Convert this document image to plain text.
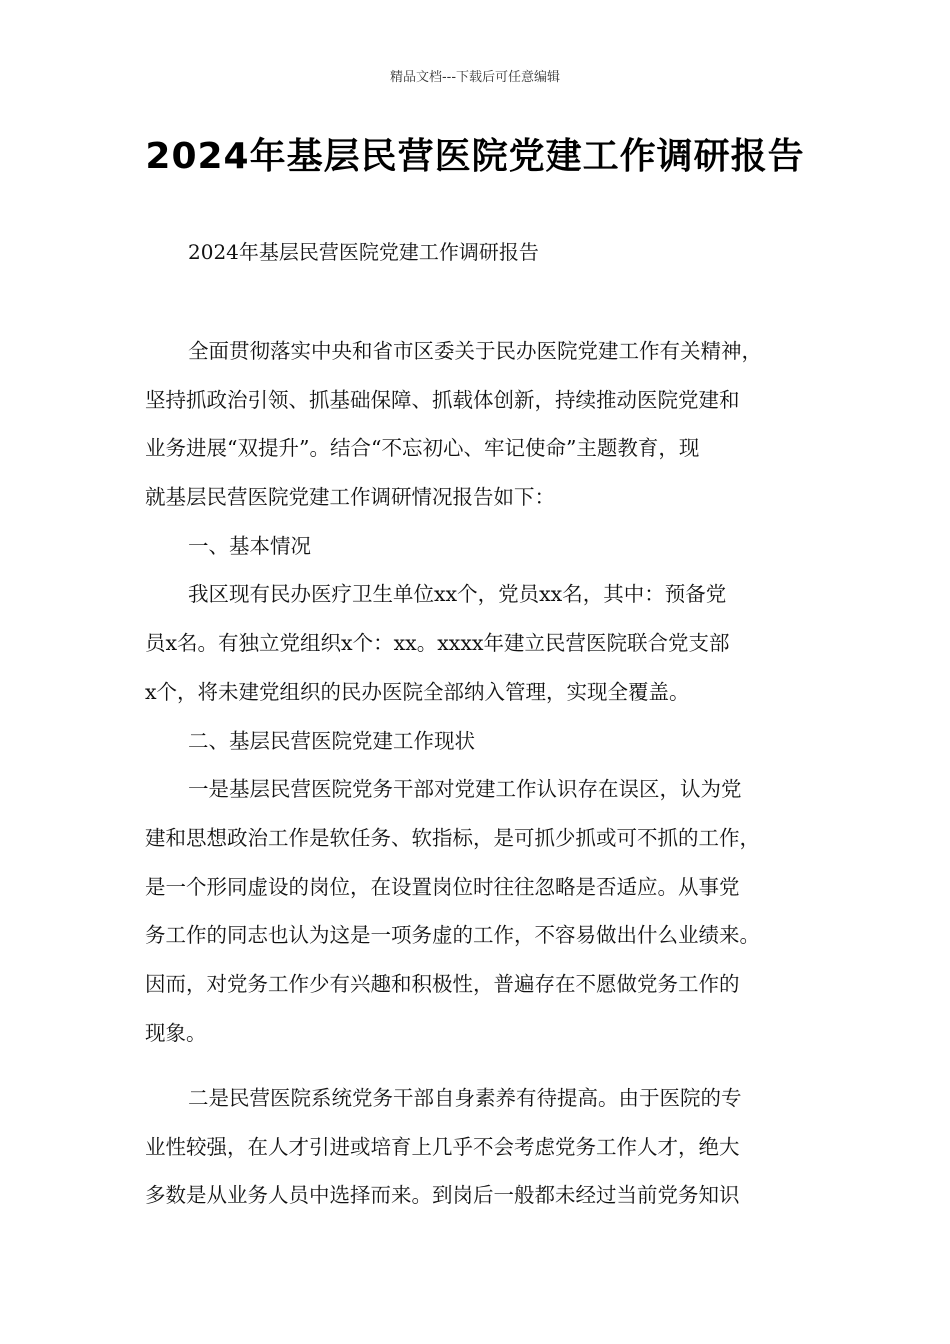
精品文档---下载后可任意编辑
2024年基层民营医院党建工作调研报告
2024年基层民营医院党建工作调研报告
全面贯彻落实中央和省市区委关于民办医院党建工作有关精神，
坚持抓政治引领、抓基础保障、抓载体创新，持续推动医院党建和
业务进展“双提升”。结合“不忘初心、牢记使命”主题教育，现
就基层民营医院党建工作调研情况报告如下：
一、基本情况
我区现有民办医疗卫生单位xx个，党员xx名，其中：预备党
员x名。有独立党组织x个：xx。xxxx年建立民营医院联合党支部
x个，将未建党组织的民办医院全部纳入管理，实现全覆盖。
二、基层民营医院党建工作现状
一是基层民营医院党务干部对党建工作认识存在误区，认为党
建和思想政治工作是软任务、软指标，是可抓少抓或可不抓的工作，
是一个形同虚设的岗位，在设置岗位时往往忽略是否适应。从事党
务工作的同志也认为这是一项务虚的工作，不容易做出什么业绩来。
因而，对党务工作少有兴趣和积极性，普遍存在不愿做党务工作的
现象。
二是民营医院系统党务干部自身素养有待提高。由于医院的专
业性较强，在人才引进或培育上几乎不会考虑党务工作人才，绝大
多数是从业务人员中选择而来。到岗后一般都未经过当前党务知识
